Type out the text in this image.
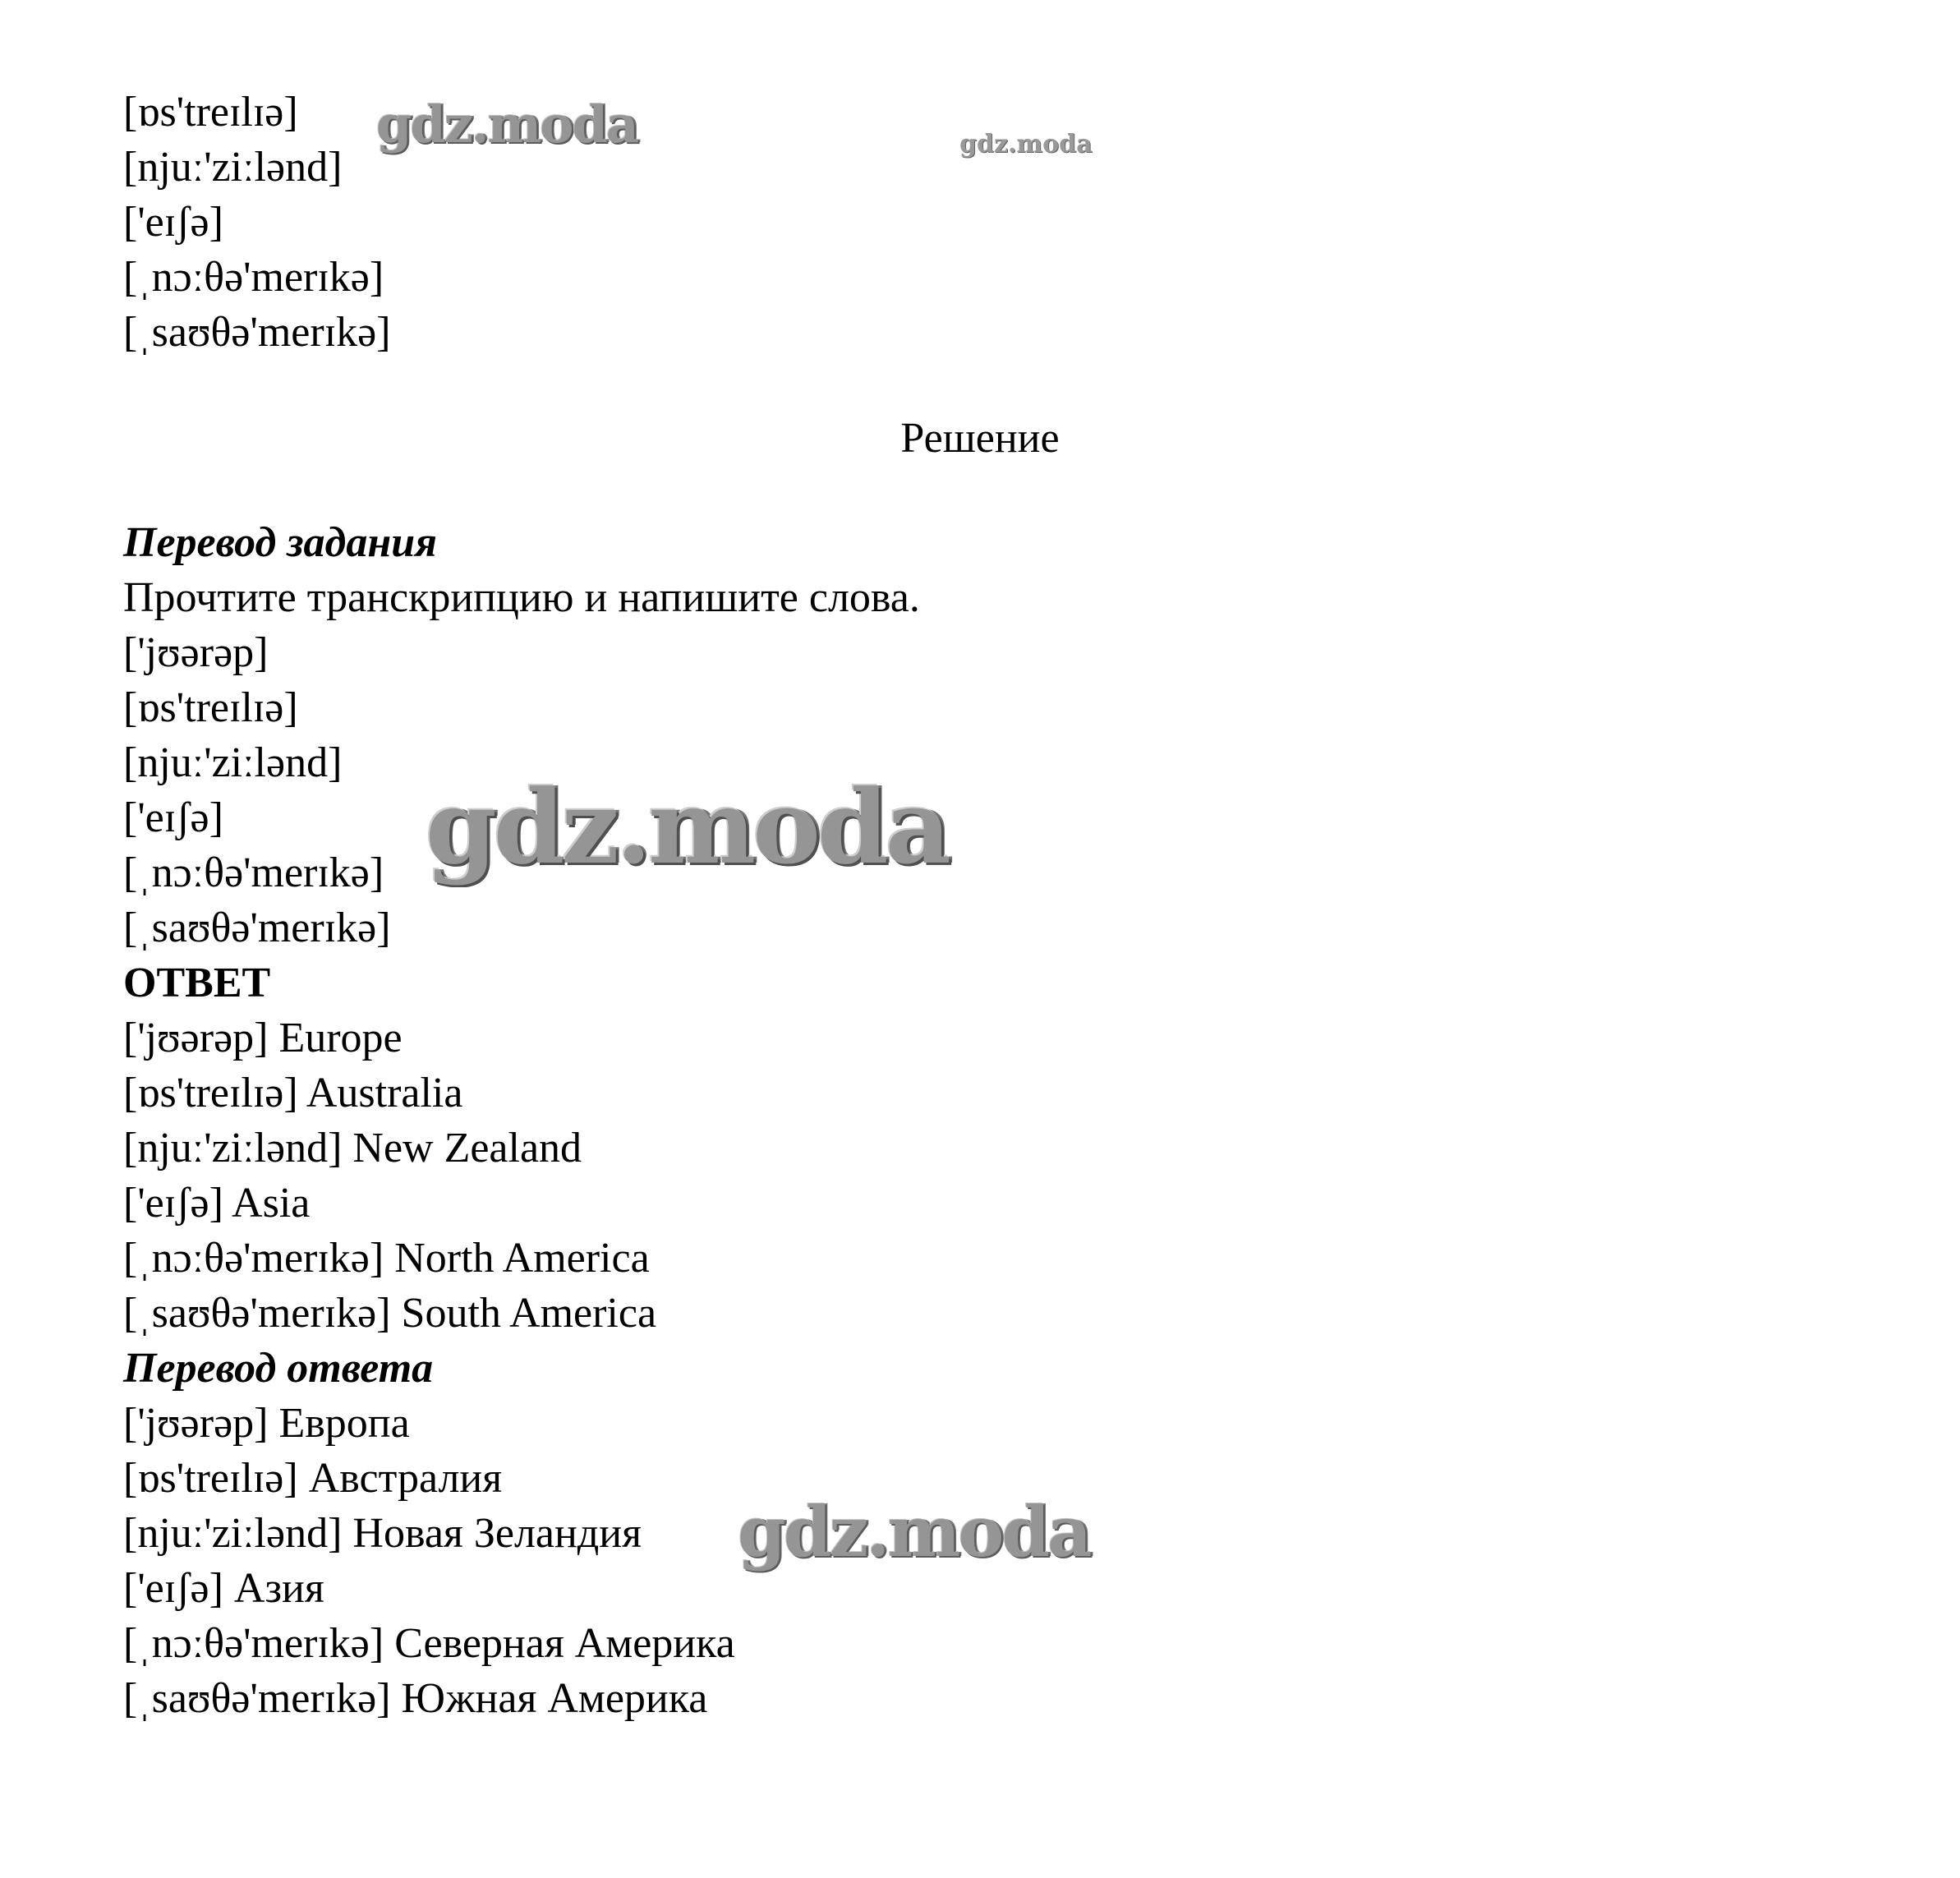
[ɒs'treɪlɪə]
[njuː'ziːlənd]
['eɪʃə]
[ˌnɔːθə'merɪkə]
[ˌsaʊθə'merɪkə]
Решение
Перевод задания
Прочтите транскрипцию и напишите слова.
['jʊərəp]
[ɒs'treɪlɪə]
[njuː'ziːlənd]
['eɪʃə]
[ˌnɔːθə'merɪkə]
[ˌsaʊθə'merɪkə]
ОТВЕТ
['jʊərəp] Europe
[ɒs'treɪlɪə] Australia
[njuː'ziːlənd] New Zealand
['eɪʃə] Asia
[ˌnɔːθə'merɪkə] North America
[ˌsaʊθə'merɪkə] South America
Перевод ответа
['jʊərəp] Европа
[ɒs'treɪlɪə] Австралия
[njuː'ziːlənd] Новая Зеландия
['eɪʃə] Азия
[ˌnɔːθə'merɪkə] Северная Америка
[ˌsaʊθə'merɪkə] Южная Америка
gdz.moda	gdz.moda
gdz.moda
gdz.moda
